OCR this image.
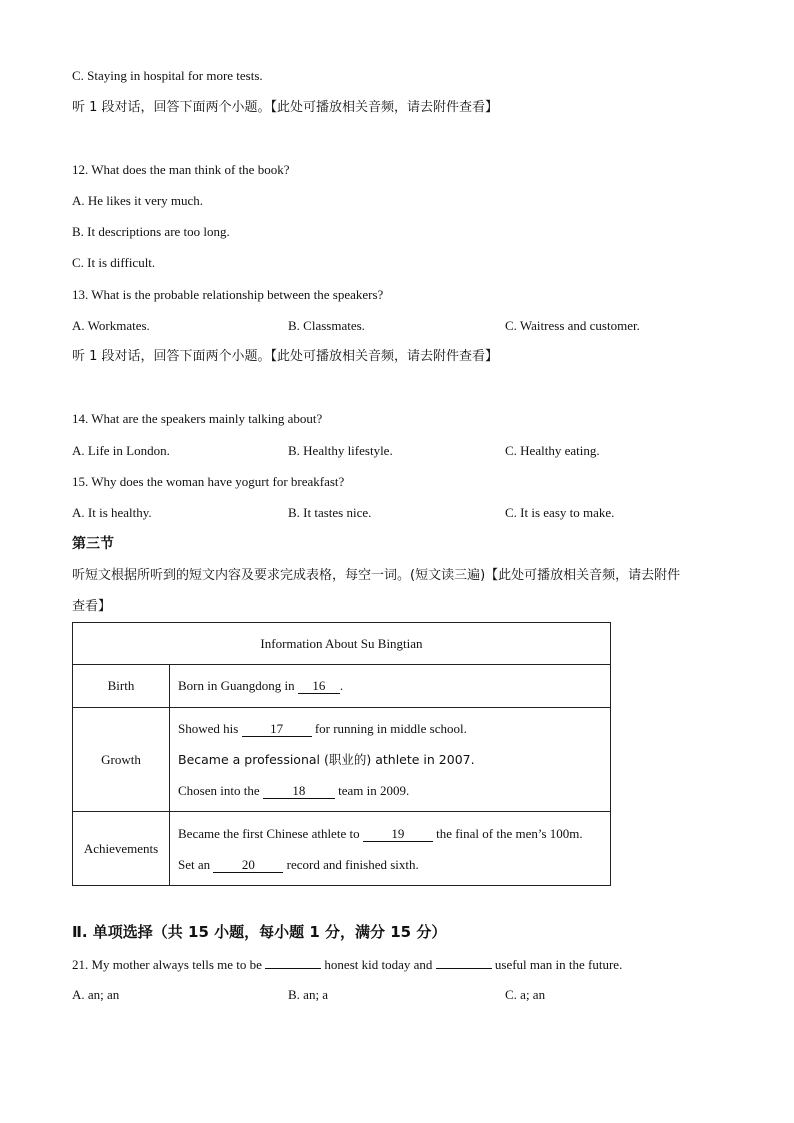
C. Staying in hospital for more tests.
听 1 段对话，回答下面两个小题。【此处可播放相关音频，请去附件查看】
12. What does the man think of the book?
A. He likes it very much.
B. It descriptions are too long.
C. It is difficult.
13. What is the probable relationship between the speakers?
A. Workmates.	B. Classmates.	C. Waitress and customer.
听 1 段对话，回答下面两个小题。【此处可播放相关音频，请去附件查看】
14. What are the speakers mainly talking about?
A. Life in London.	B. Healthy lifestyle.	C. Healthy eating.
15. Why does the woman have yogurt for breakfast?
A. It is healthy.	B. It tastes nice.	C. It is easy to make.
第三节
听短文根据所听到的短文内容及要求完成表格，每空一词。(短文读三遍)【此处可播放相关音频，请去附件
查看】
Information About Su Bingtian	
Birth	Born in Guangdong in 16 .
Growth	Showed his 17 for running in middle school.
Became a professional (职业的) athlete in 2007.
Chosen into the 18 team in 2009.

Achievements	Became the first Chinese athlete to 19 the final of the men’s 100m.
Set an 20 record and finished sixth.
Ⅱ. 单项选择（共 15 小题，每小题 1 分，满分 15 分）
21. My mother always tells me to be	honest kid today and	useful man in the future.
A. an; an	B. an; a	C. a; an
